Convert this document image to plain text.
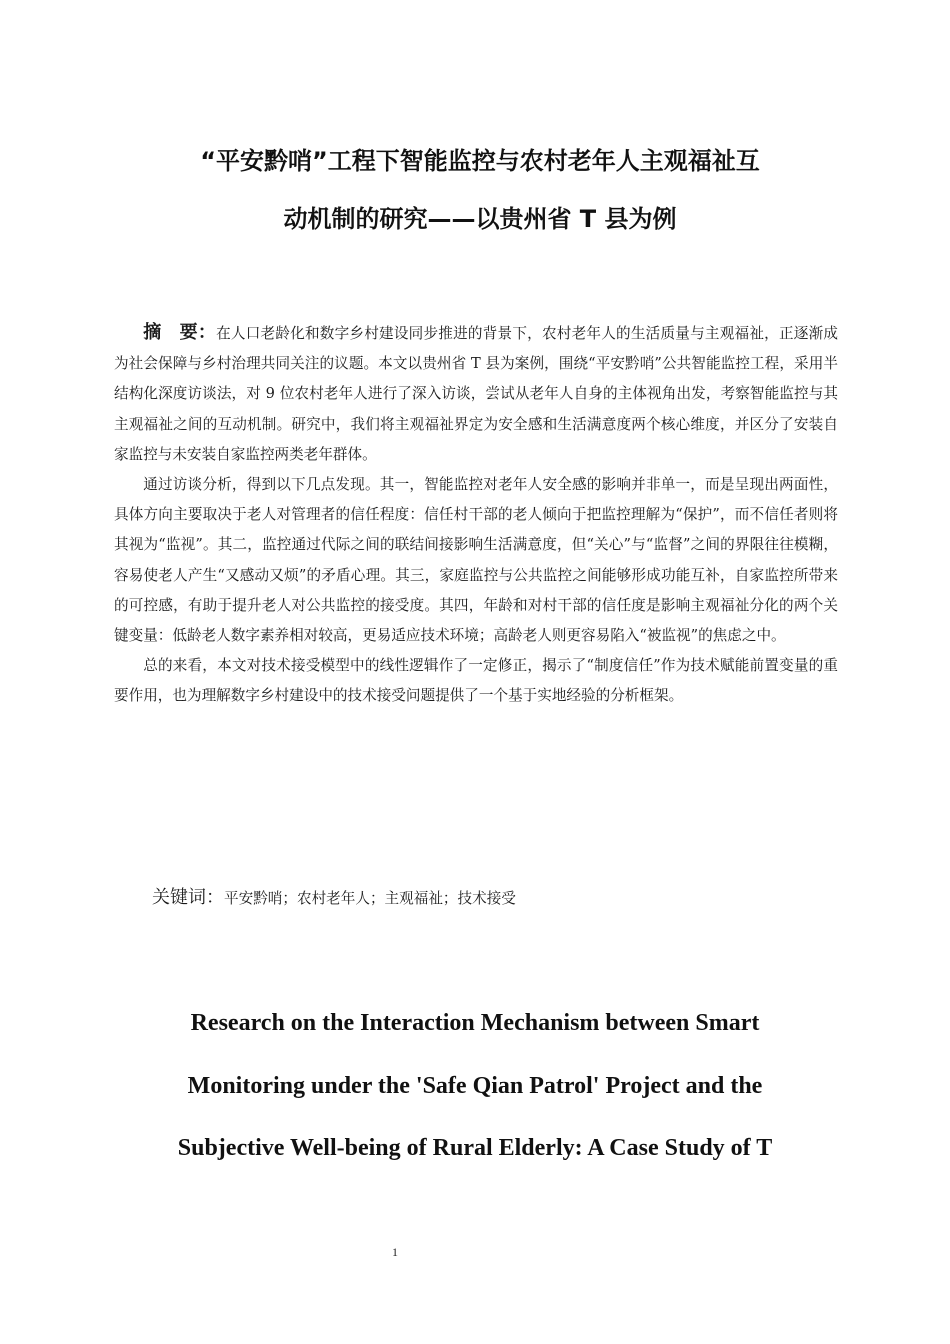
“平安黔哨”工程下智能监控与农村老年人主观福祉互
动机制的研究——以贵州省 T 县为例

摘　要：在人口老龄化和数字乡村建设同步推进的背景下，农村老年人的生活质量与主观福祉，正逐渐成为社会保障与乡村治理共同关注的议题。本文以贵州省 T 县为案例，围绕“平安黔哨”公共智能监控工程，采用半结构化深度访谈法，对 9 位农村老年人进行了深入访谈，尝试从老年人自身的主体视角出发，考察智能监控与其主观福祉之间的互动机制。研究中，我们将主观福祉界定为安全感和生活满意度两个核心维度，并区分了安装自家监控与未安装自家监控两类老年群体。

通过访谈分析，得到以下几点发现。其一，智能监控对老年人安全感的影响并非单一，而是呈现出两面性，具体方向主要取决于老人对管理者的信任程度：信任村干部的老人倾向于把监控理解为“保护”，而不信任者则将其视为“监视”。其二，监控通过代际之间的联结间接影响生活满意度，但“关心”与“监督”之间的界限往往模糊，容易使老人产生“又感动又烦”的矛盾心理。其三，家庭监控与公共监控之间能够形成功能互补，自家监控所带来的可控感，有助于提升老人对公共监控的接受度。其四，年龄和对村干部的信任度是影响主观福祉分化的两个关键变量：低龄老人数字素养相对较高，更易适应技术环境；高龄老人则更容易陷入“被监视”的焦虑之中。

总的来看，本文对技术接受模型中的线性逻辑作了一定修正，揭示了“制度信任”作为技术赋能前置变量的重要作用，也为理解数字乡村建设中的技术接受问题提供了一个基于实地经验的分析框架。

关键词：平安黔哨；农村老年人；主观福祉；技术接受
Research on the Interaction Mechanism between Smart
Monitoring under the 'Safe Qian Patrol' Project and the
Subjective Well-being of Rural Elderly: A Case Study of T
1
